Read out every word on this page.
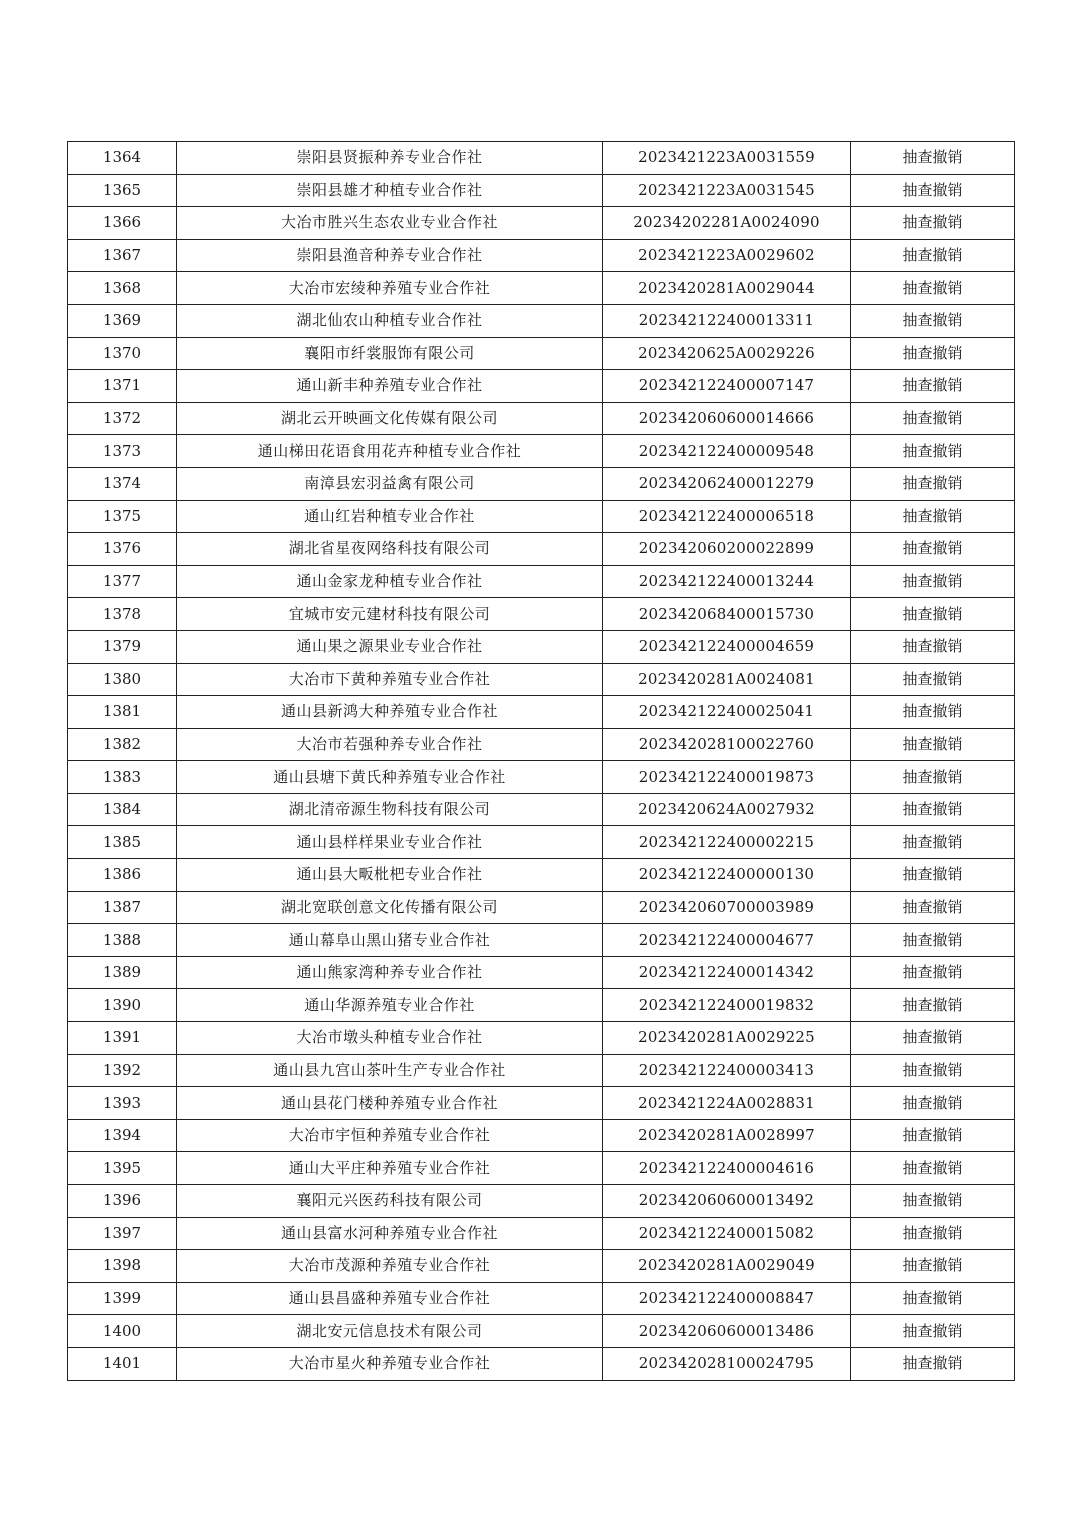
1364	崇阳县贤振种养专业合作社	2023421223A0031559	抽查撤销
1365	崇阳县雄才种植专业合作社	2023421223A0031545	抽查撤销
1366	大冶市胜兴生态农业专业合作社	20234202281A0024090	抽查撤销
1367	崇阳县渔音种养专业合作社	2023421223A0029602	抽查撤销
1368	大冶市宏绫种养殖专业合作社	2023420281A0029044	抽查撤销
1369	湖北仙农山种植专业合作社	202342122400013311	抽查撤销
1370	襄阳市纤裳服饰有限公司	2023420625A0029226	抽查撤销
1371	通山新丰种养殖专业合作社	202342122400007147	抽查撤销
1372	湖北云开映画文化传媒有限公司	202342060600014666	抽查撤销
1373	通山梯田花语食用花卉种植专业合作社	202342122400009548	抽查撤销
1374	南漳县宏羽益禽有限公司	202342062400012279	抽查撤销
1375	通山红岩种植专业合作社	202342122400006518	抽查撤销
1376	湖北省星夜网络科技有限公司	202342060200022899	抽查撤销
1377	通山金家龙种植专业合作社	202342122400013244	抽查撤销
1378	宜城市安元建材科技有限公司	202342068400015730	抽查撤销
1379	通山果之源果业专业合作社	202342122400004659	抽查撤销
1380	大冶市下黄种养殖专业合作社	2023420281A0024081	抽查撤销
1381	通山县新鸿大种养殖专业合作社	202342122400025041	抽查撤销
1382	大冶市若强种养专业合作社	202342028100022760	抽查撤销
1383	通山县塘下黄氏种养殖专业合作社	202342122400019873	抽查撤销
1384	湖北清帝源生物科技有限公司	2023420624A0027932	抽查撤销
1385	通山县样样果业专业合作社	202342122400002215	抽查撤销
1386	通山县大畈枇杷专业合作社	202342122400000130	抽查撤销
1387	湖北宽联创意文化传播有限公司	202342060700003989	抽查撤销
1388	通山幕阜山黑山猪专业合作社	202342122400004677	抽查撤销
1389	通山熊家湾种养专业合作社	202342122400014342	抽查撤销
1390	通山华源养殖专业合作社	202342122400019832	抽查撤销
1391	大冶市墩头种植专业合作社	2023420281A0029225	抽查撤销
1392	通山县九宫山茶叶生产专业合作社	202342122400003413	抽查撤销
1393	通山县花门楼种养殖专业合作社	2023421224A0028831	抽查撤销
1394	大冶市宇恒种养殖专业合作社	2023420281A0028997	抽查撤销
1395	通山大平庄种养殖专业合作社	202342122400004616	抽查撤销
1396	襄阳元兴医药科技有限公司	202342060600013492	抽查撤销
1397	通山县富水河种养殖专业合作社	202342122400015082	抽查撤销
1398	大冶市茂源种养殖专业合作社	2023420281A0029049	抽查撤销
1399	通山县昌盛种养殖专业合作社	202342122400008847	抽查撤销
1400	湖北安元信息技术有限公司	202342060600013486	抽查撤销
1401	大冶市星火种养殖专业合作社	202342028100024795	抽查撤销
